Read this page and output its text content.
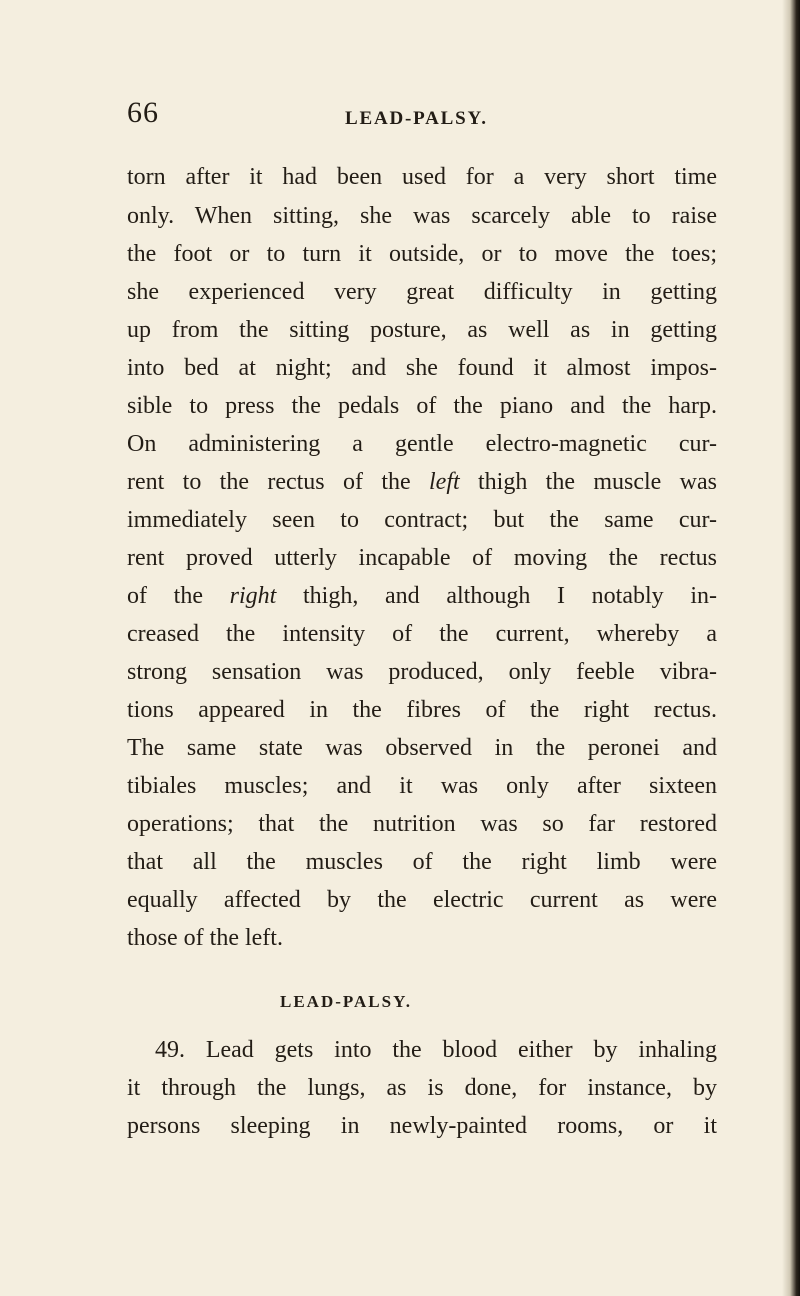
66	LEAD-PALSY.
torn after it had been used for a very short time
only. When sitting, she was scarcely able to raise
the foot or to turn it outside, or to move the toes;
she experienced very great difficulty in getting
up from the sitting posture, as well as in getting
into bed at night; and she found it almost impos-
sible to press the pedals of the piano and the harp.
On administering a gentle electro-magnetic cur-
rent to the rectus of the left thigh the muscle was
immediately seen to contract; but the same cur-
rent proved utterly incapable of moving the rectus
of the right thigh, and although I notably in-
creased the intensity of the current, whereby a
strong sensation was produced, only feeble vibra-
tions appeared in the fibres of the right rectus.
The same state was observed in the peronei and
tibiales muscles; and it was only after sixteen
operations; that the nutrition was so far restored
that all the muscles of the right limb were
equally affected by the electric current as were
those of the left.
LEAD-PALSY.
49. Lead gets into the blood either by inhaling
it through the lungs, as is done, for instance, by
persons sleeping in newly-painted rooms, or it
